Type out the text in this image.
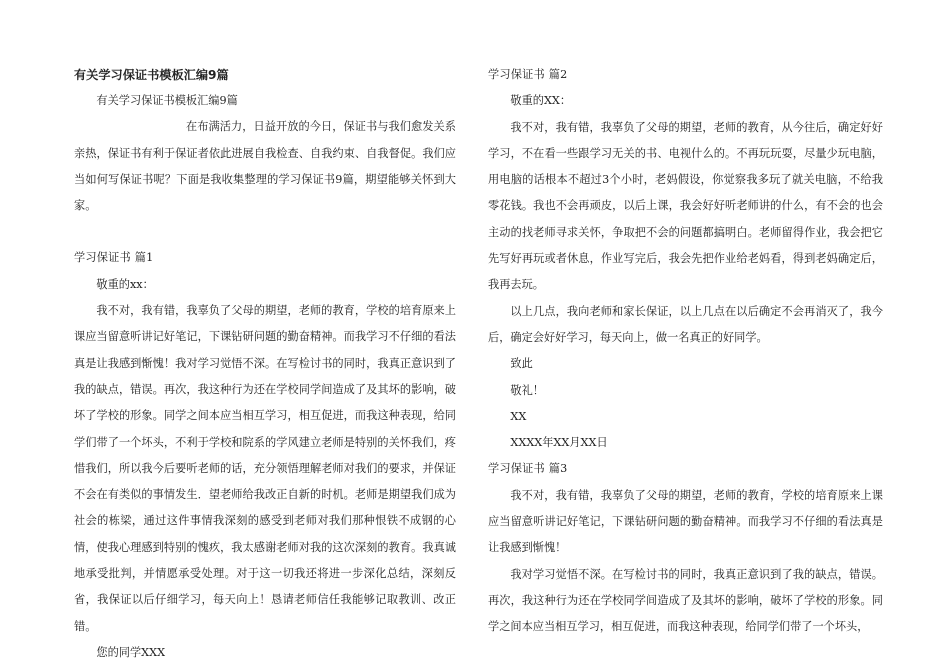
有关学习保证书模板汇编9篇

有关学习保证书模板汇编9篇

在布满活力，日益开放的今日，保证书与我们愈发关系亲热，保证书有利于保证者依此进展自我检查、自我约束、自我督促。我们应当如何写保证书呢？下面是我收集整理的学习保证书9篇，期望能够关怀到大家。

学习保证书 篇1

敬重的xx：

我不对，我有错，我辜负了父母的期望，老师的教育，学校的培育原来上课应当留意听讲记好笔记，下课钻研问题的勤奋精神。而我学习不仔细的看法真是让我感到惭愧！我对学习觉悟不深。在写检讨书的同时，我真正意识到了我的缺点，错误。再次，我这种行为还在学校同学间造成了及其坏的影响，破坏了学校的形象。同学之间本应当相互学习，相互促进，而我这种表现，给同学们带了一个坏头，不利于学校和院系的学风建立老师是特别的关怀我们，疼惜我们，所以我今后要听老师的话，充分领悟理解老师对我们的要求，并保证不会在有类似的事情发生．望老师给我改正自新的时机。老师是期望我们成为社会的栋梁，通过这件事情我深刻的感受到老师对我们那种恨铁不成钢的心情，使我心理感到特别的愧疚，我太感谢老师对我的这次深刻的教育。我真诚地承受批判，并情愿承受处理。对于这一切我还将进一步深化总结，深刻反省，我保证以后仔细学习，每天向上！恳请老师信任我能够记取教训、改正错。

您的同学XXX

学习保证书 篇2

敬重的XX：

我不对，我有错，我辜负了父母的期望，老师的教育，从今往后，确定好好学习，不在看一些跟学习无关的书、电视什么的。不再玩玩耍，尽量少玩电脑，用电脑的话根本不超过3个小时，老妈假设，你觉察我多玩了就关电脑，不给我零花钱。我也不会再顽皮，以后上课，我会好好听老师讲的什么，有不会的也会主动的找老师寻求关怀，争取把不会的问题都搞明白。老师留得作业，我会把它先写好再玩或者休息，作业写完后，我会先把作业给老妈看，得到老妈确定后，我再去玩。

以上几点，我向老师和家长保证，以上几点在以后确定不会再消灭了，我今后，确定会好好学习，每天向上，做一名真正的好同学。

致此

敬礼！

XX

XXXX年XX月XX日

学习保证书 篇3

我不对，我有错，我辜负了父母的期望，老师的教育，学校的培育原来上课应当留意听讲记好笔记，下课钻研问题的勤奋精神。而我学习不仔细的看法真是让我感到惭愧！

我对学习觉悟不深。在写检讨书的同时，我真正意识到了我的缺点，错误。再次，我这种行为还在学校同学间造成了及其坏的影响，破坏了学校的形象。同学之间本应当相互学习，相互促进，而我这种表现，给同学们带了一个坏头，
